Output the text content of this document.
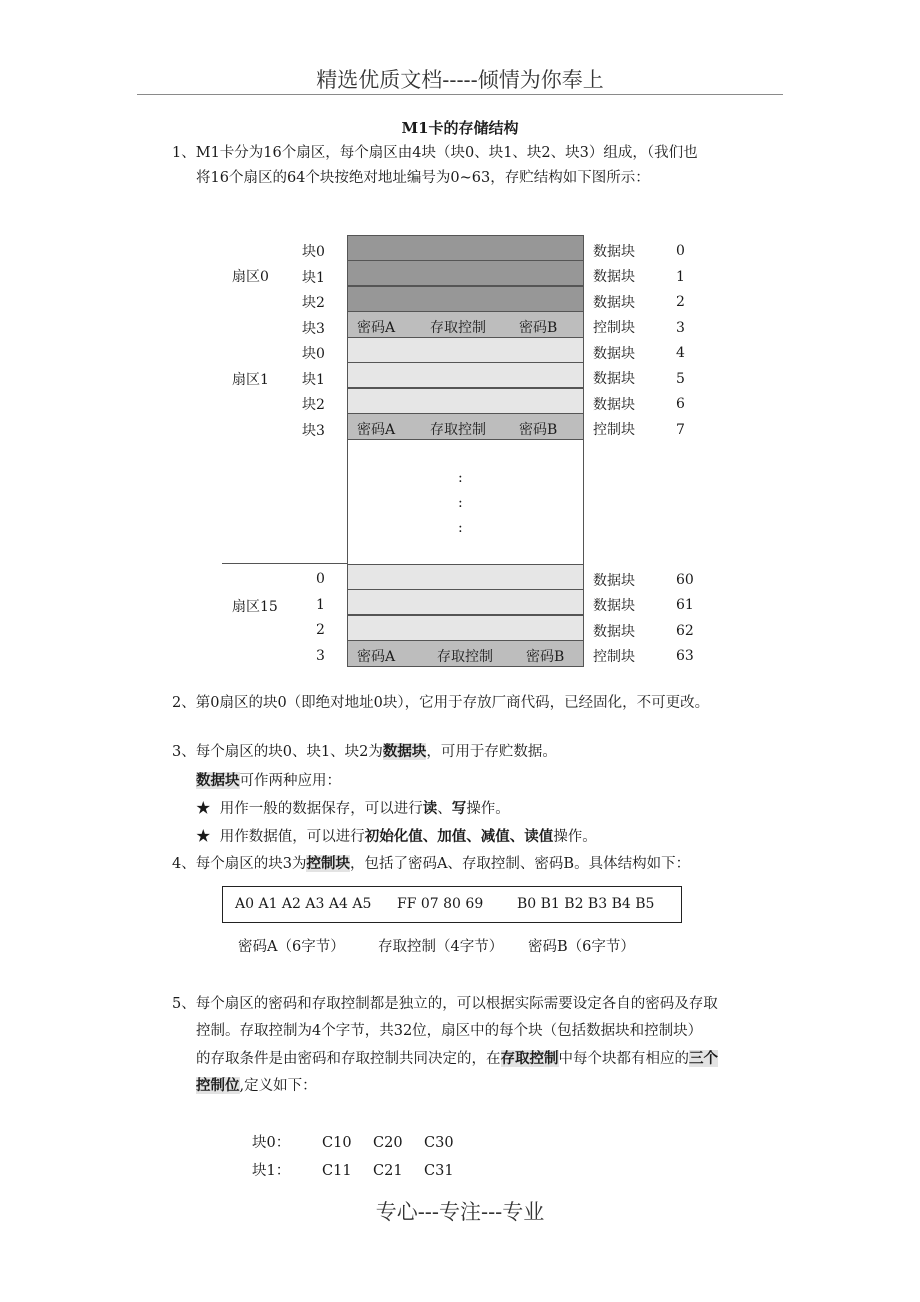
精选优质文档-----倾情为你奉上
M1卡的存储结构
1、M1卡分为16个扇区，每个扇区由4块（块0、块1、块2、块3）组成，（我们也
将16个扇区的64个块按绝对地址编号为0~63，存贮结构如下图所示：
扇区0
扇区1
扇区15
块0
块1
块2
块3
块0
块1
块2
块3
0
1
2
3
密码A 存取控制 密码B
密码A 存取控制 密码B
:
:
:
密码A	存取控制 密码B
数据块
数据块
数据块
控制块
数据块
数据块
数据块
控制块
数据块
数据块
数据块
控制块
0
1
2
3
4
5
6
7
60
61
62
63
2、第0扇区的块0（即绝对地址0块），它用于存放厂商代码，已经固化，不可更改。
3、每个扇区的块0、块1、块2为数据块，可用于存贮数据。
数据块可作两种应用：
★ 用作一般的数据保存，可以进行读、写操作。
★ 用作数据值，可以进行初始化值、加值、减值、读值操作。
4、每个扇区的块3为控制块，包括了密码A、存取控制、密码B。具体结构如下：
A0 A1 A2 A3 A4 A5 FF 07 80 69 B0 B1 B2 B3 B4 B5
密码A（6字节） 存取控制（4字节） 密码B（6字节）
5、每个扇区的密码和存取控制都是独立的，可以根据实际需要设定各自的密码及存取
控制。存取控制为4个字节，共32位，扇区中的每个块（包括数据块和控制块）
的存取条件是由密码和存取控制共同决定的，在存取控制中每个块都有相应的三个
控制位,定义如下：
块0： C10 C20 C30
块1： C11 C21 C31
专心---专注---专业
